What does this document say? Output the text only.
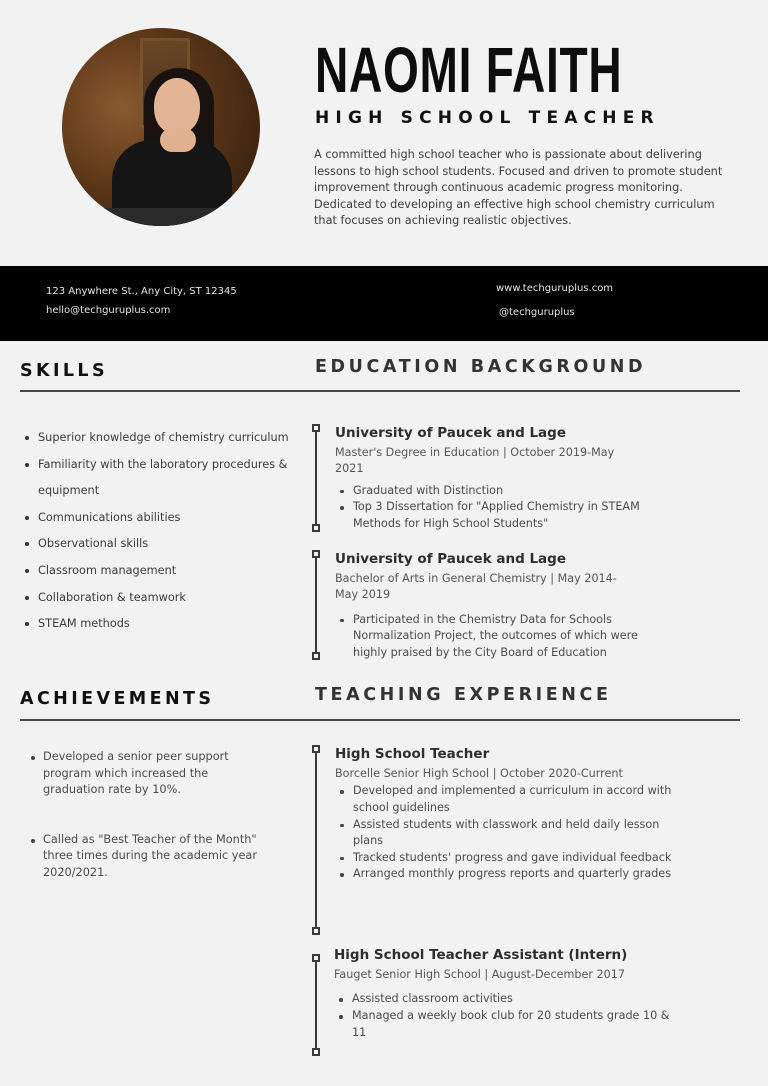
NAOMI FAITH
HIGH SCHOOL TEACHER

A committed high school teacher who is passionate about delivering lessons to high school students. Focused and driven to promote student improvement through continuous academic progress monitoring. Dedicated to developing an effective high school chemistry curriculum that focuses on achieving realistic objectives.

123 Anywhere St., Any City, ST 12345
hello@techguruplus.com
www.techguruplus.com
@techguruplus
SKILLS	EDUCATION BACKGROUND
ACHIEVEMENTS	TEACHING EXPERIENCE
Superior knowledge of chemistry curriculum
Familiarity with the laboratory procedures & equipment
Communications abilities
Observational skills
Classroom management
Collaboration & teamwork
STEAM methods
Developed a senior peer support program which increased the graduation rate by 10%.
Called as "Best Teacher of the Month" three times during the academic year 2020/2021.
University of Paucek and Lage
Master's Degree in Education | October 2019-May 2021
Graduated with Distinction
Top 3 Dissertation for "Applied Chemistry in STEAM Methods for High School Students"
University of Paucek and Lage
Bachelor of Arts in General Chemistry | May 2014-May 2019
Participated in the Chemistry Data for Schools Normalization Project, the outcomes of which were highly praised by the City Board of Education
High School Teacher
Borcelle Senior High School | October 2020-Current
Developed and implemented a curriculum in accord with school guidelines
Assisted students with classwork and held daily lesson plans
Tracked students' progress and gave individual feedback
Arranged monthly progress reports and quarterly grades
High School Teacher Assistant (Intern)
Fauget Senior High School | August-December 2017
Assisted classroom activities
Managed a weekly book club for 20 students grade 10 & 11
